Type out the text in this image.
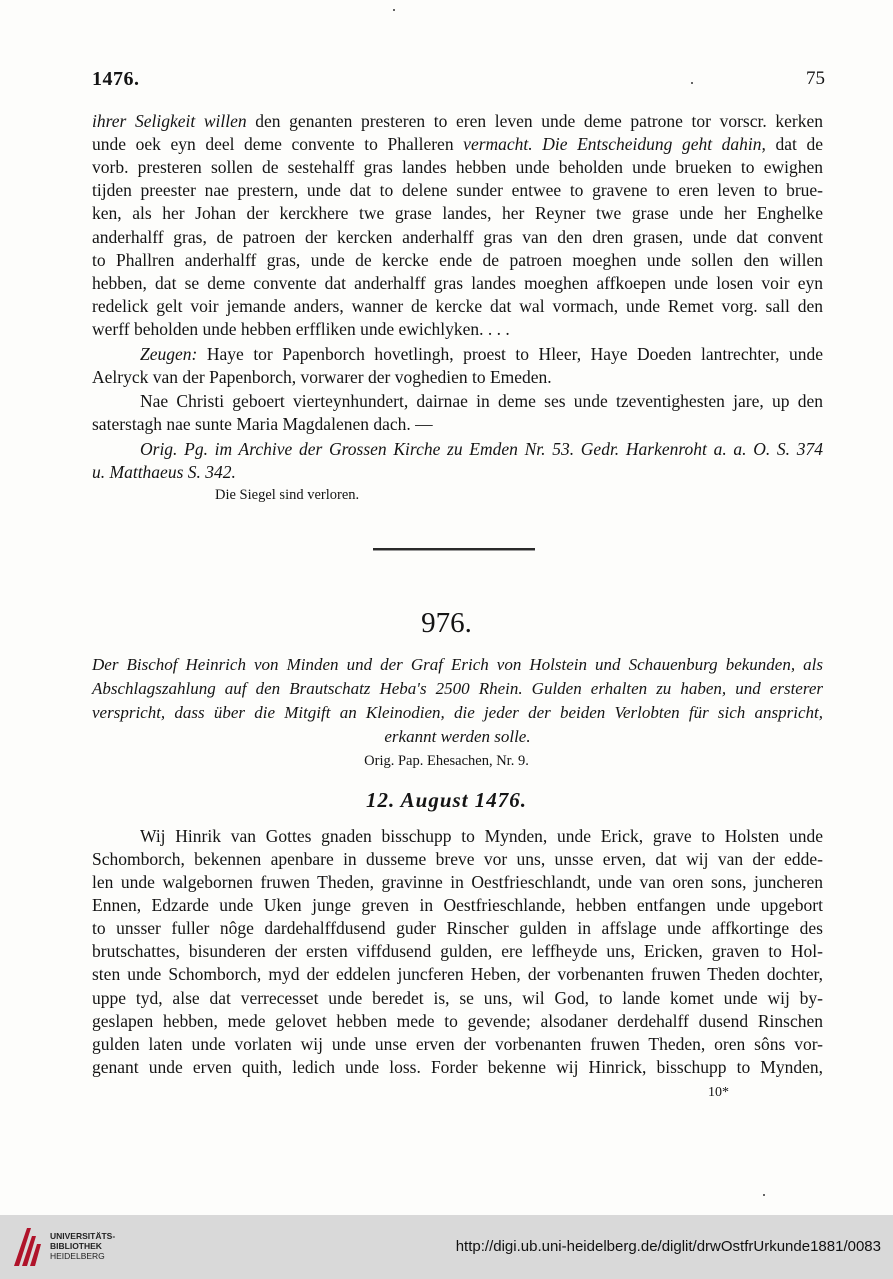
1476.	75
ihrer Seligkeit willen den genanten presteren to eren leven unde deme patrone tor vorscr. kerken
unde oek eyn deel deme convente to Phalleren vermacht. Die Entscheidung geht dahin, dat de
vorb. presteren sollen de sestehalff gras landes hebben unde beholden unde brueken to ewighen
tijden preester nae prestern, unde dat to delene sunder entwee to gravene to eren leven to brue-
ken, als her Johan der kerckhere twe grase landes, her Reyner twe grase unde her Enghelke
anderhalff gras, de patroen der kercken anderhalff gras van den dren grasen, unde dat convent
to Phallren anderhalff gras, unde de kercke ende de patroen moeghen unde sollen den willen
hebben, dat se deme convente dat anderhalff gras landes moeghen affkoepen unde losen voir eyn
redelick gelt voir jemande anders, wanner de kercke dat wal vormach, unde Remet vorg. sall den
werff beholden unde hebben erffliken unde ewichlyken. . . .
Zeugen: Haye tor Papenborch hovetlingh, proest to Hleer, Haye Doeden lantrechter, unde
Aelryck van der Papenborch, vorwarer der voghedien to Emeden.
Nae Christi geboert vierteynhundert, dairnae in deme ses unde tzeventighesten jare, up den
saterstagh nae sunte Maria Magdalenen dach. —
Orig. Pg. im Archive der Grossen Kirche zu Emden Nr. 53. Gedr. Harkenroht a. a. O. S. 374
u. Matthaeus S. 342.
Die Siegel sind verloren.
976.
Der Bischof Heinrich von Minden und der Graf Erich von Holstein und Schauenburg bekunden, als
Abschlagszahlung auf den Brautschatz Heba's 2500 Rhein. Gulden erhalten zu haben, und ersterer
verspricht, dass über die Mitgift an Kleinodien, die jeder der beiden Verlobten für sich anspricht,
erkannt werden solle.
Orig. Pap. Ehesachen, Nr. 9.
12. August 1476.
Wij Hinrik van Gottes gnaden bisschupp to Mynden, unde Erick, grave to Holsten unde
Schomborch, bekennen apenbare in dusseme breve vor uns, unsse erven, dat wij van der edde-
len unde walgebornen fruwen Theden, gravinne in Oestfrieschlandt, unde van oren sons, juncheren
Ennen, Edzarde unde Uken junge greven in Oestfrieschlande, hebben entfangen unde upgebort
to unsser fuller nôge dardehalffdusend guder Rinscher gulden in affslage unde affkortinge des
brutschattes, bisunderen der ersten viffdusend gulden, ere leffheyde uns, Ericken, graven to Hol-
sten unde Schomborch, myd der eddelen juncferen Heben, der vorbenanten fruwen Theden dochter,
uppe tyd, alse dat verrecesset unde beredet is, se uns, wil God, to lande komet unde wij by-
geslapen hebben, mede gelovet hebben mede to gevende; alsodaner derdehalff dusend Rinschen
gulden laten unde vorlaten wij unde unse erven der vorbenanten fruwen Theden, oren sôns vor-
genant unde erven quith, ledich unde loss. Forder bekenne wij Hinrick, bisschupp to Mynden,
10*
UNIVERSITÄTS-
BIBLIOTHEK
HEIDELBERG
http://digi.ub.uni-heidelberg.de/diglit/drwOstfrUrkunde1881/0083
